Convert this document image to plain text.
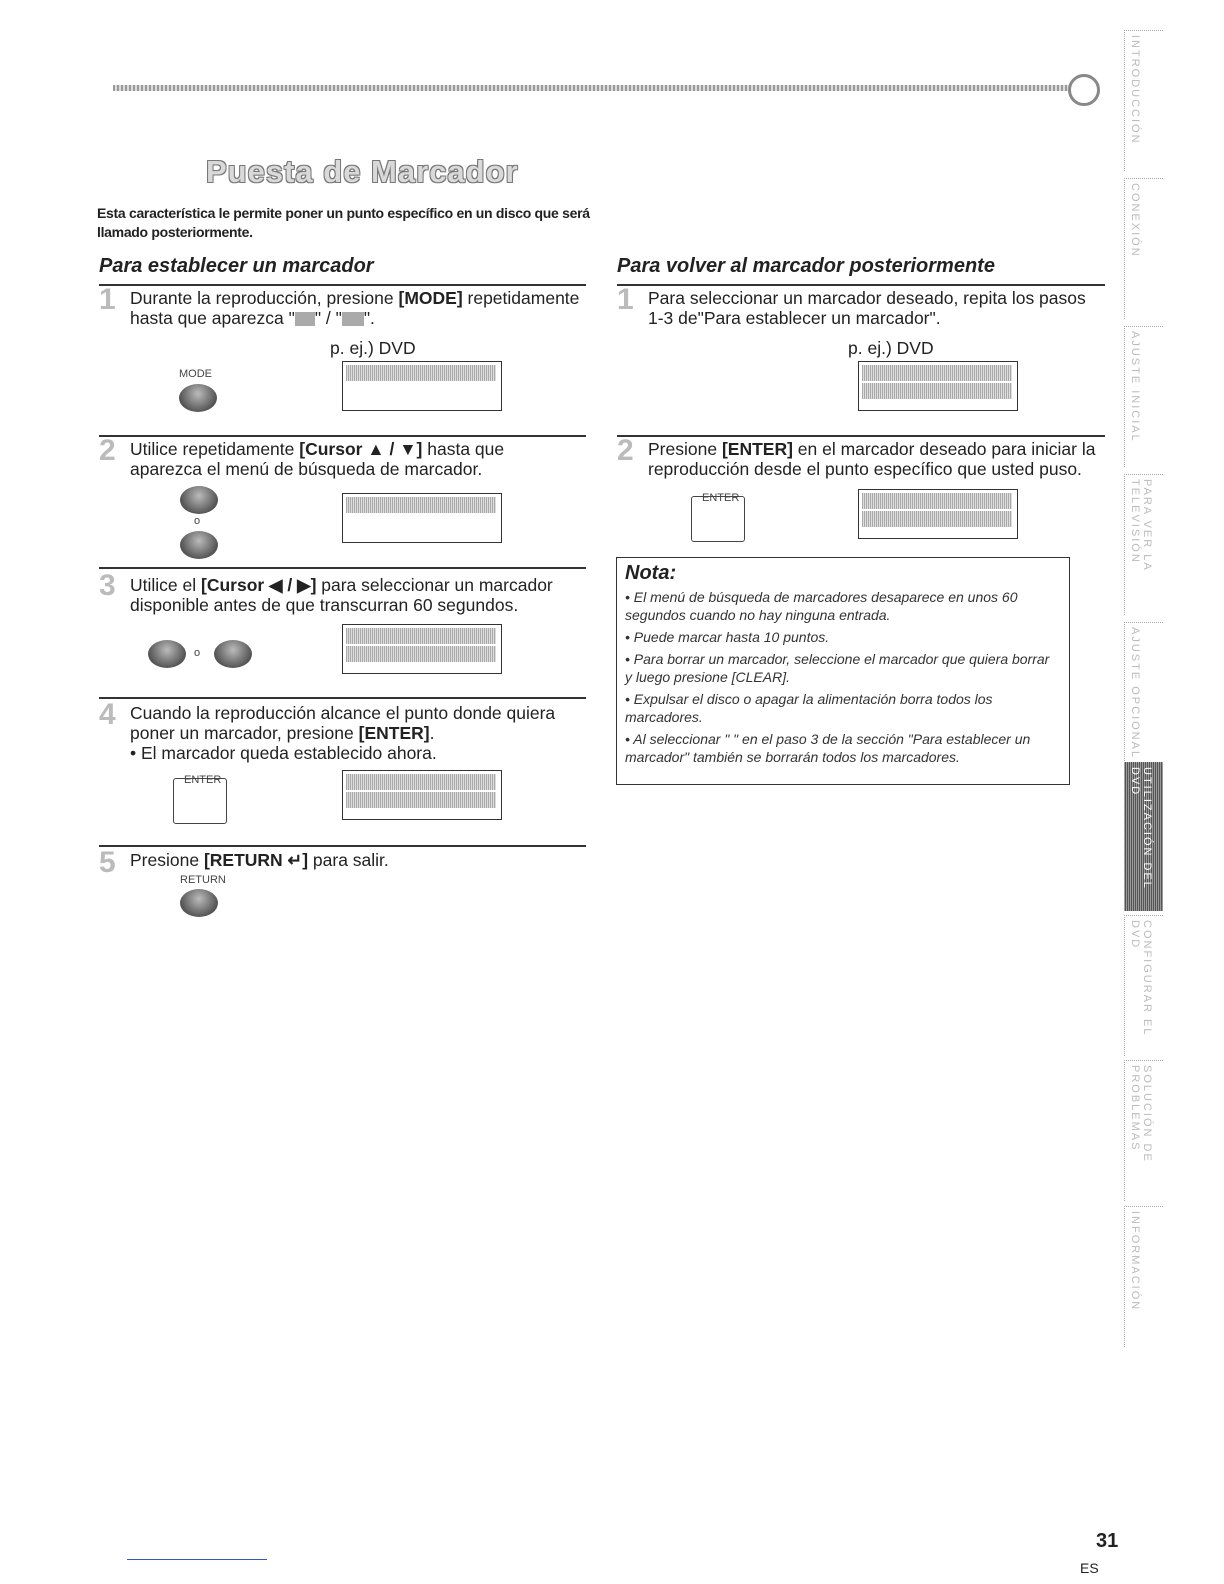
Puesta de Marcador
Esta característica le permite poner un punto específico en un disco que será llamado posteriormente.
Para establecer un marcador
1 Durante la reproducción, presione [MODE] repetidamente hasta que aparezca " " / " ".
p. ej.) DVD
MODE
2 Utilice repetidamente [Cursor ▲ / ▼] hasta que aparezca el menú de búsqueda de marcador.
o
3 Utilice el [Cursor ◀ / ▶] para seleccionar un marcador disponible antes de que transcurran 60 segundos.
o
4 Cuando la reproducción alcance el punto donde quiera poner un marcador, presione [ENTER].
• El marcador queda establecido ahora.
ENTER
5 Presione [RETURN ↵] para salir.
RETURN
Para volver al marcador posteriormente
1 Para seleccionar un marcador deseado, repita los pasos 1-3 de"Para establecer un marcador".
p. ej.) DVD
2 Presione [ENTER] en el marcador deseado para iniciar la reproducción desde el punto específico que usted puso.
ENTER
Nota:
• El menú de búsqueda de marcadores desaparece en unos 60 segundos cuando no hay ninguna entrada.
• Puede marcar hasta 10 puntos.
• Para borrar un marcador, seleccione el marcador que quiera borrar y luego presione [CLEAR].
• Expulsar el disco o apagar la alimentación borra todos los marcadores.
• Al seleccionar " " en el paso 3 de la sección "Para establecer un marcador" también se borrarán todos los marcadores.
INTRODUCCIÓN
CONEXIÓN
AJUSTE INICIAL
PARA VER LA TELEVISIÓN
AJUSTE OPCIONAL
UTILIZACIÓN DEL DVD
CONFIGURAR EL DVD
SOLUCIÓN DE PROBLEMAS
INFORMACIÓN
31
ES
